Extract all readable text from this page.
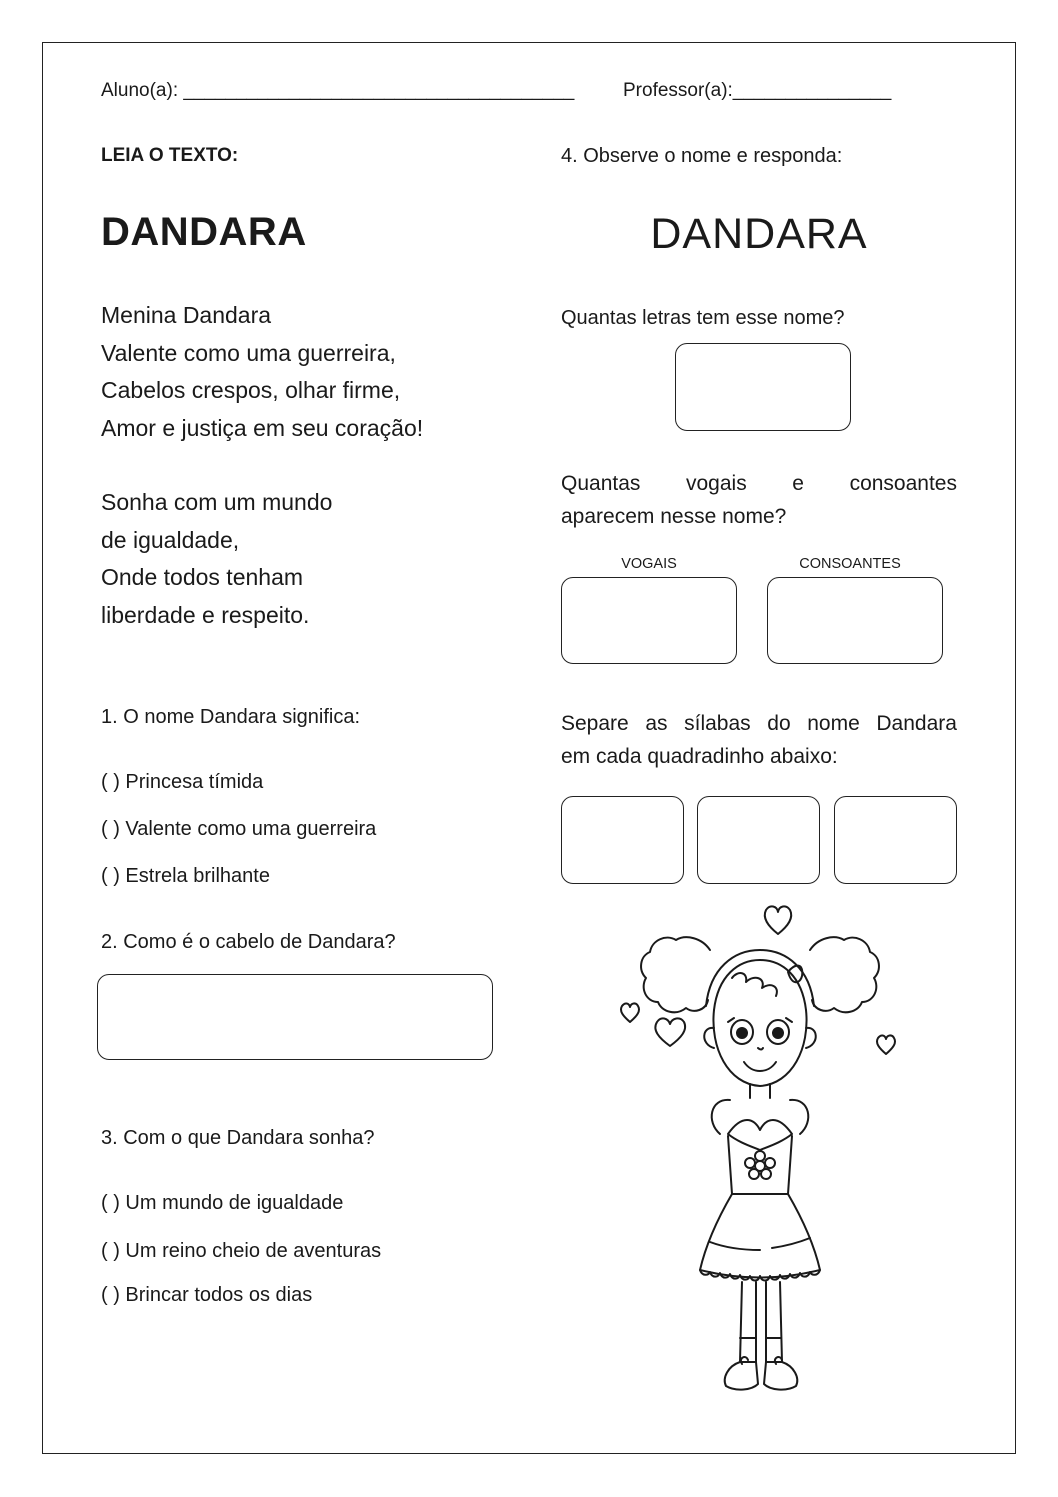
Aluno(a): _____________________________________	Professor(a):_______________
LEIA O TEXTO:
DANDARA
Menina Dandara
Valente como uma guerreira,
Cabelos crespos, olhar firme,
Amor e justiça em seu coração!
Sonha com um mundo
de igualdade,
Onde todos tenham
liberdade e respeito.
1. O nome Dandara significa:
( ) Princesa tímida
( ) Valente como uma guerreira
( ) Estrela brilhante
2. Como é o cabelo de Dandara?
3. Com o que Dandara sonha?
( ) Um mundo de igualdade
( ) Um reino cheio de aventuras
( ) Brincar todos os dias
4. Observe o nome e responda:
DANDARA
Quantas letras tem esse nome?
Quantas vogais e consoantes
aparecem nesse nome?
VOGAIS	CONSOANTES
Separe as sílabas do nome Dandara
em cada quadradinho abaixo:
